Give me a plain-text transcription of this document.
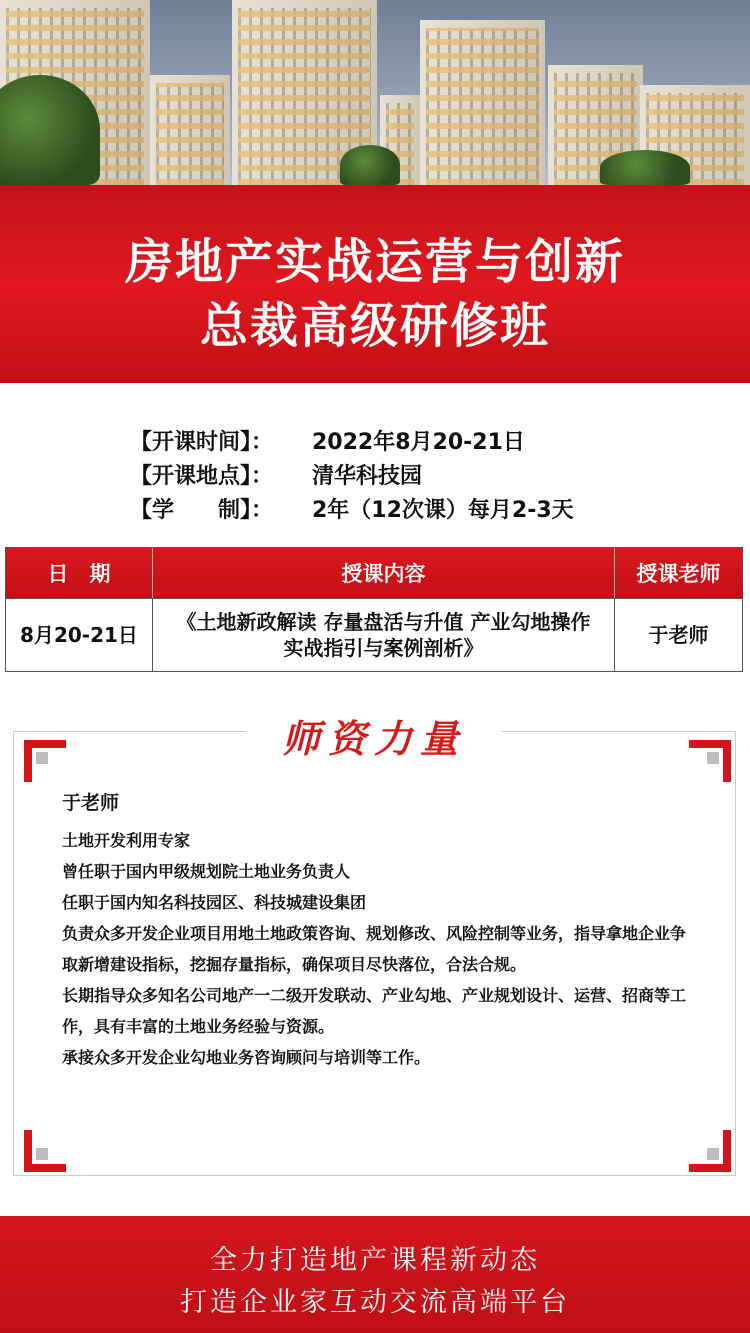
房地产实战运营与创新
总裁高级研修班
【开课时间】： 2022年8月20-21日
【开课地点】： 清华科技园
【学　　制】： 2年（12次课）每月2-3天
日　期	授课内容	授课老师
8月20-21日
《土地新政解读 存量盘活与升值 产业勾地操作
实战指引与案例剖析》
于老师
师资力量
于老师
土地开发利用专家
曾任职于国内甲级规划院土地业务负责人
任职于国内知名科技园区、科技城建设集团
负责众多开发企业项目用地土地政策咨询、规划修改、风险控制等业务，指导拿地企业争取新增建设指标，挖掘存量指标，确保项目尽快落位，合法合规。
长期指导众多知名公司地产一二级开发联动、产业勾地、产业规划设计、运营、招商等工作，具有丰富的土地业务经验与资源。
承接众多开发企业勾地业务咨询顾问与培训等工作。
全力打造地产课程新动态
打造企业家互动交流高端平台
